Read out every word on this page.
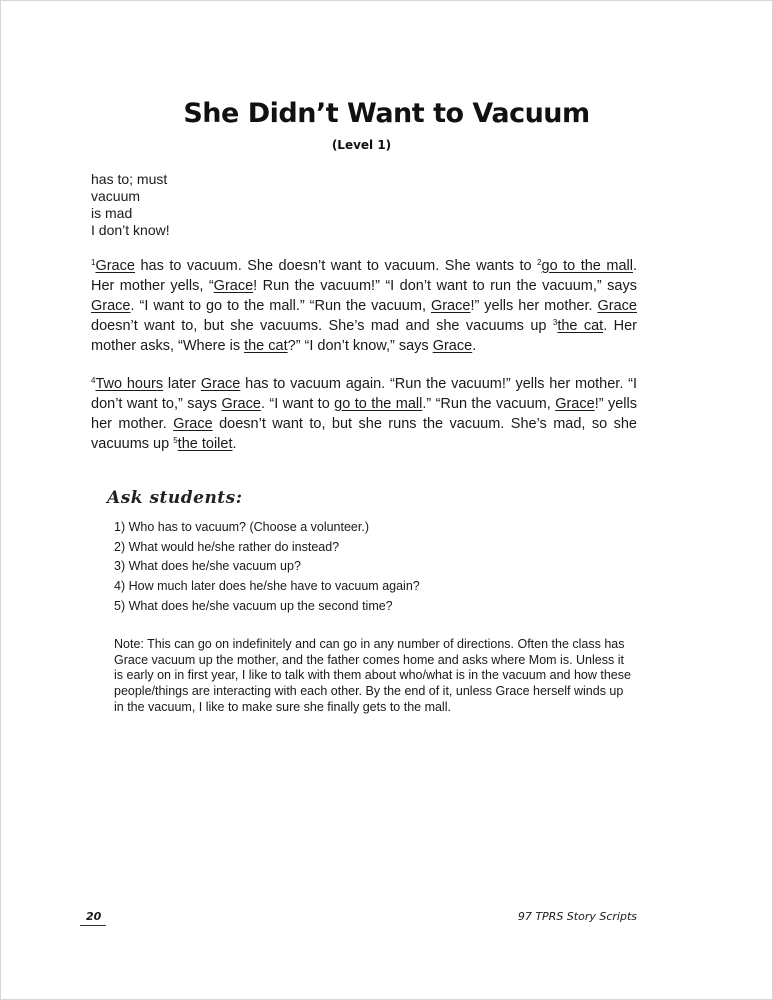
She Didn’t Want to Vacuum
(Level 1)
has to; must
vacuum
is mad
I don’t know!
$^1$Grace has to vacuum. She doesn’t want to vacuum. She wants to $^2$go to the mall. Her mother yells, “Grace! Run the vacuum!” “I don’t want to run the vacuum,” says Grace. “I want to go to the mall.” “Run the vacuum, Grace!” yells her mother. Grace doesn’t want to, but she vacuums. She’s mad and she vacuums up $^3$the cat. Her mother asks, “Where is the cat?” “I don’t know,” says Grace.
$^4$Two hours later Grace has to vacuum again. “Run the vacuum!” yells her mother. “I don’t want to,” says Grace. “I want to go to the mall.” “Run the vacuum, Grace!” yells her mother. Grace doesn’t want to, but she runs the vacuum. She’s mad, so she vacuums up $^5$the toilet.
Ask students:
1) Who has to vacuum? (Choose a volunteer.)
2) What would he/she rather do instead?
3) What does he/she vacuum up?
4) How much later does he/she have to vacuum again?
5) What does he/she vacuum up the second time?
Note: This can go on indefinitely and can go in any number of directions. Often the class has Grace vacuum up the mother, and the father comes home and asks where Mom is. Unless it is early on in first year, I like to talk with them about who/what is in the vacuum and how these people/things are interacting with each other. By the end of it, unless Grace herself winds up in the vacuum, I like to make sure she finally gets to the mall.
20	97 TPRS Story Scripts
